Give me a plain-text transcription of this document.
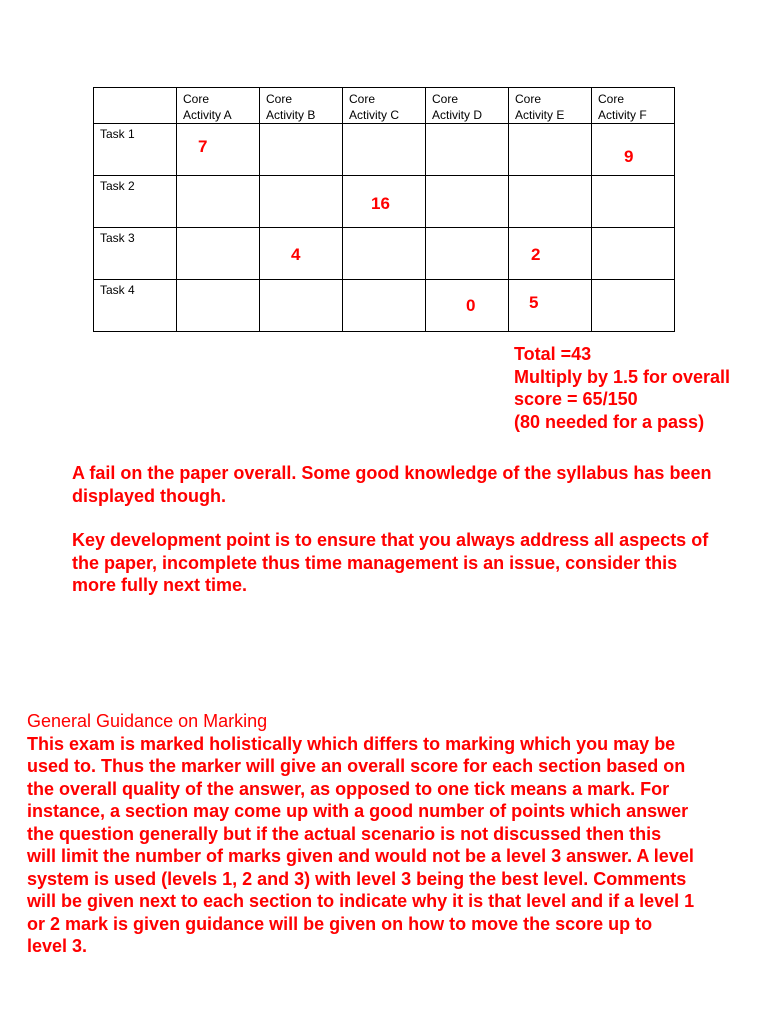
	Core
Activity A	Core
Activity B	Core
Activity C	Core
Activity D	Core
Activity E	Core
Activity F

Task 1	7					9

Task 2			16			

Task 3		4			2	

Task 4				0	5	

Total =43
Multiply by 1.5 for overall
score = 65/150
(80 needed for a pass)

A fail on the paper overall. Some good knowledge of the syllabus has been displayed though.

Key development point is to ensure that you always address all aspects of the paper, incomplete thus time management is an issue, consider this more fully next time.

General Guidance on Marking
This exam is marked holistically which differs to marking which you may be used to. Thus the marker will give an overall score for each section based on the overall quality of the answer, as opposed to one tick means a mark. For instance, a section may come up with a good number of points which answer the question generally but if the actual scenario is not discussed then this will limit the number of marks given and would not be a level 3 answer. A level system is used (levels 1, 2 and 3) with level 3 being the best level. Comments will be given next to each section to indicate why it is that level and if a level 1 or 2 mark is given guidance will be given on how to move the score up to level 3.
